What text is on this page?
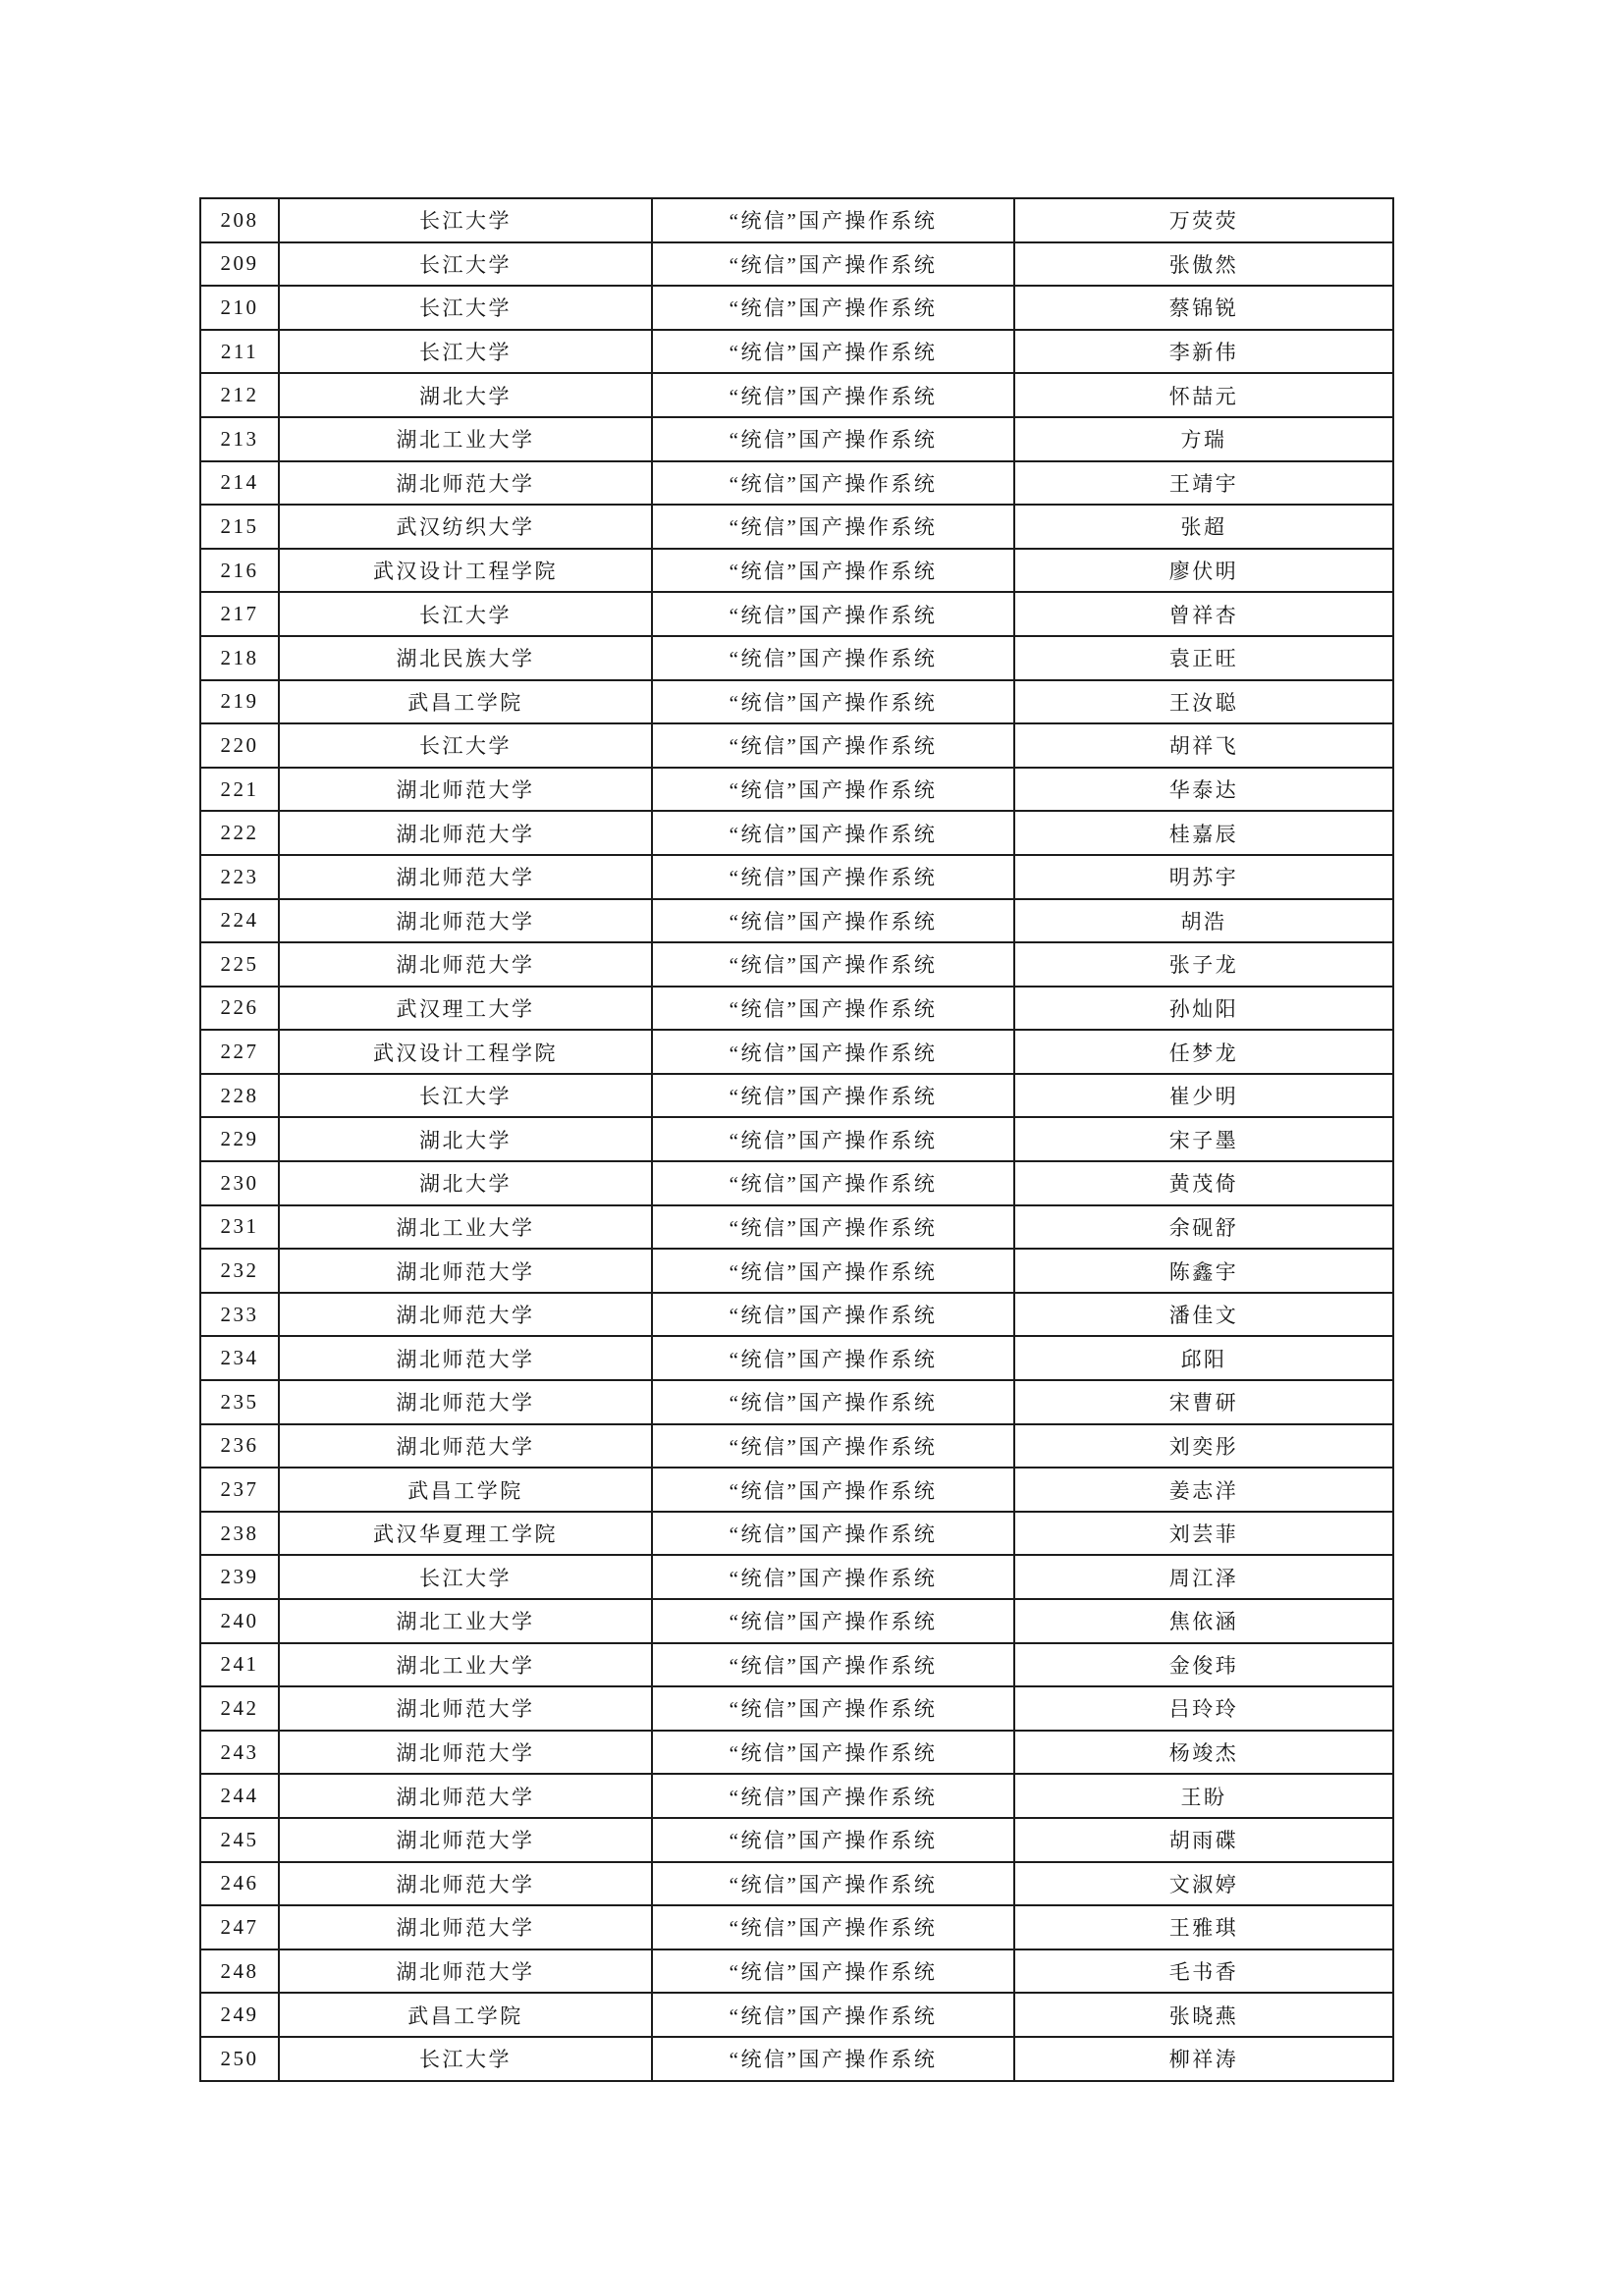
208	长江大学	“统信”国产操作系统	万荧荧
209	长江大学	“统信”国产操作系统	张傲然
210	长江大学	“统信”国产操作系统	蔡锦锐
211	长江大学	“统信”国产操作系统	李新伟
212	湖北大学	“统信”国产操作系统	怀喆元
213	湖北工业大学	“统信”国产操作系统	方瑞
214	湖北师范大学	“统信”国产操作系统	王靖宇
215	武汉纺织大学	“统信”国产操作系统	张超
216	武汉设计工程学院	“统信”国产操作系统	廖伏明
217	长江大学	“统信”国产操作系统	曾祥杏
218	湖北民族大学	“统信”国产操作系统	袁正旺
219	武昌工学院	“统信”国产操作系统	王汝聪
220	长江大学	“统信”国产操作系统	胡祥飞
221	湖北师范大学	“统信”国产操作系统	华泰达
222	湖北师范大学	“统信”国产操作系统	桂嘉辰
223	湖北师范大学	“统信”国产操作系统	明苏宇
224	湖北师范大学	“统信”国产操作系统	胡浩
225	湖北师范大学	“统信”国产操作系统	张子龙
226	武汉理工大学	“统信”国产操作系统	孙灿阳
227	武汉设计工程学院	“统信”国产操作系统	任梦龙
228	长江大学	“统信”国产操作系统	崔少明
229	湖北大学	“统信”国产操作系统	宋子墨
230	湖北大学	“统信”国产操作系统	黄茂倚
231	湖北工业大学	“统信”国产操作系统	余砚舒
232	湖北师范大学	“统信”国产操作系统	陈鑫宇
233	湖北师范大学	“统信”国产操作系统	潘佳文
234	湖北师范大学	“统信”国产操作系统	邱阳
235	湖北师范大学	“统信”国产操作系统	宋曹研
236	湖北师范大学	“统信”国产操作系统	刘奕彤
237	武昌工学院	“统信”国产操作系统	姜志洋
238	武汉华夏理工学院	“统信”国产操作系统	刘芸菲
239	长江大学	“统信”国产操作系统	周江泽
240	湖北工业大学	“统信”国产操作系统	焦依涵
241	湖北工业大学	“统信”国产操作系统	金俊玮
242	湖北师范大学	“统信”国产操作系统	吕玲玲
243	湖北师范大学	“统信”国产操作系统	杨竣杰
244	湖北师范大学	“统信”国产操作系统	王盼
245	湖北师范大学	“统信”国产操作系统	胡雨碟
246	湖北师范大学	“统信”国产操作系统	文淑婷
247	湖北师范大学	“统信”国产操作系统	王雅琪
248	湖北师范大学	“统信”国产操作系统	毛书香
249	武昌工学院	“统信”国产操作系统	张晓燕
250	长江大学	“统信”国产操作系统	柳祥涛
